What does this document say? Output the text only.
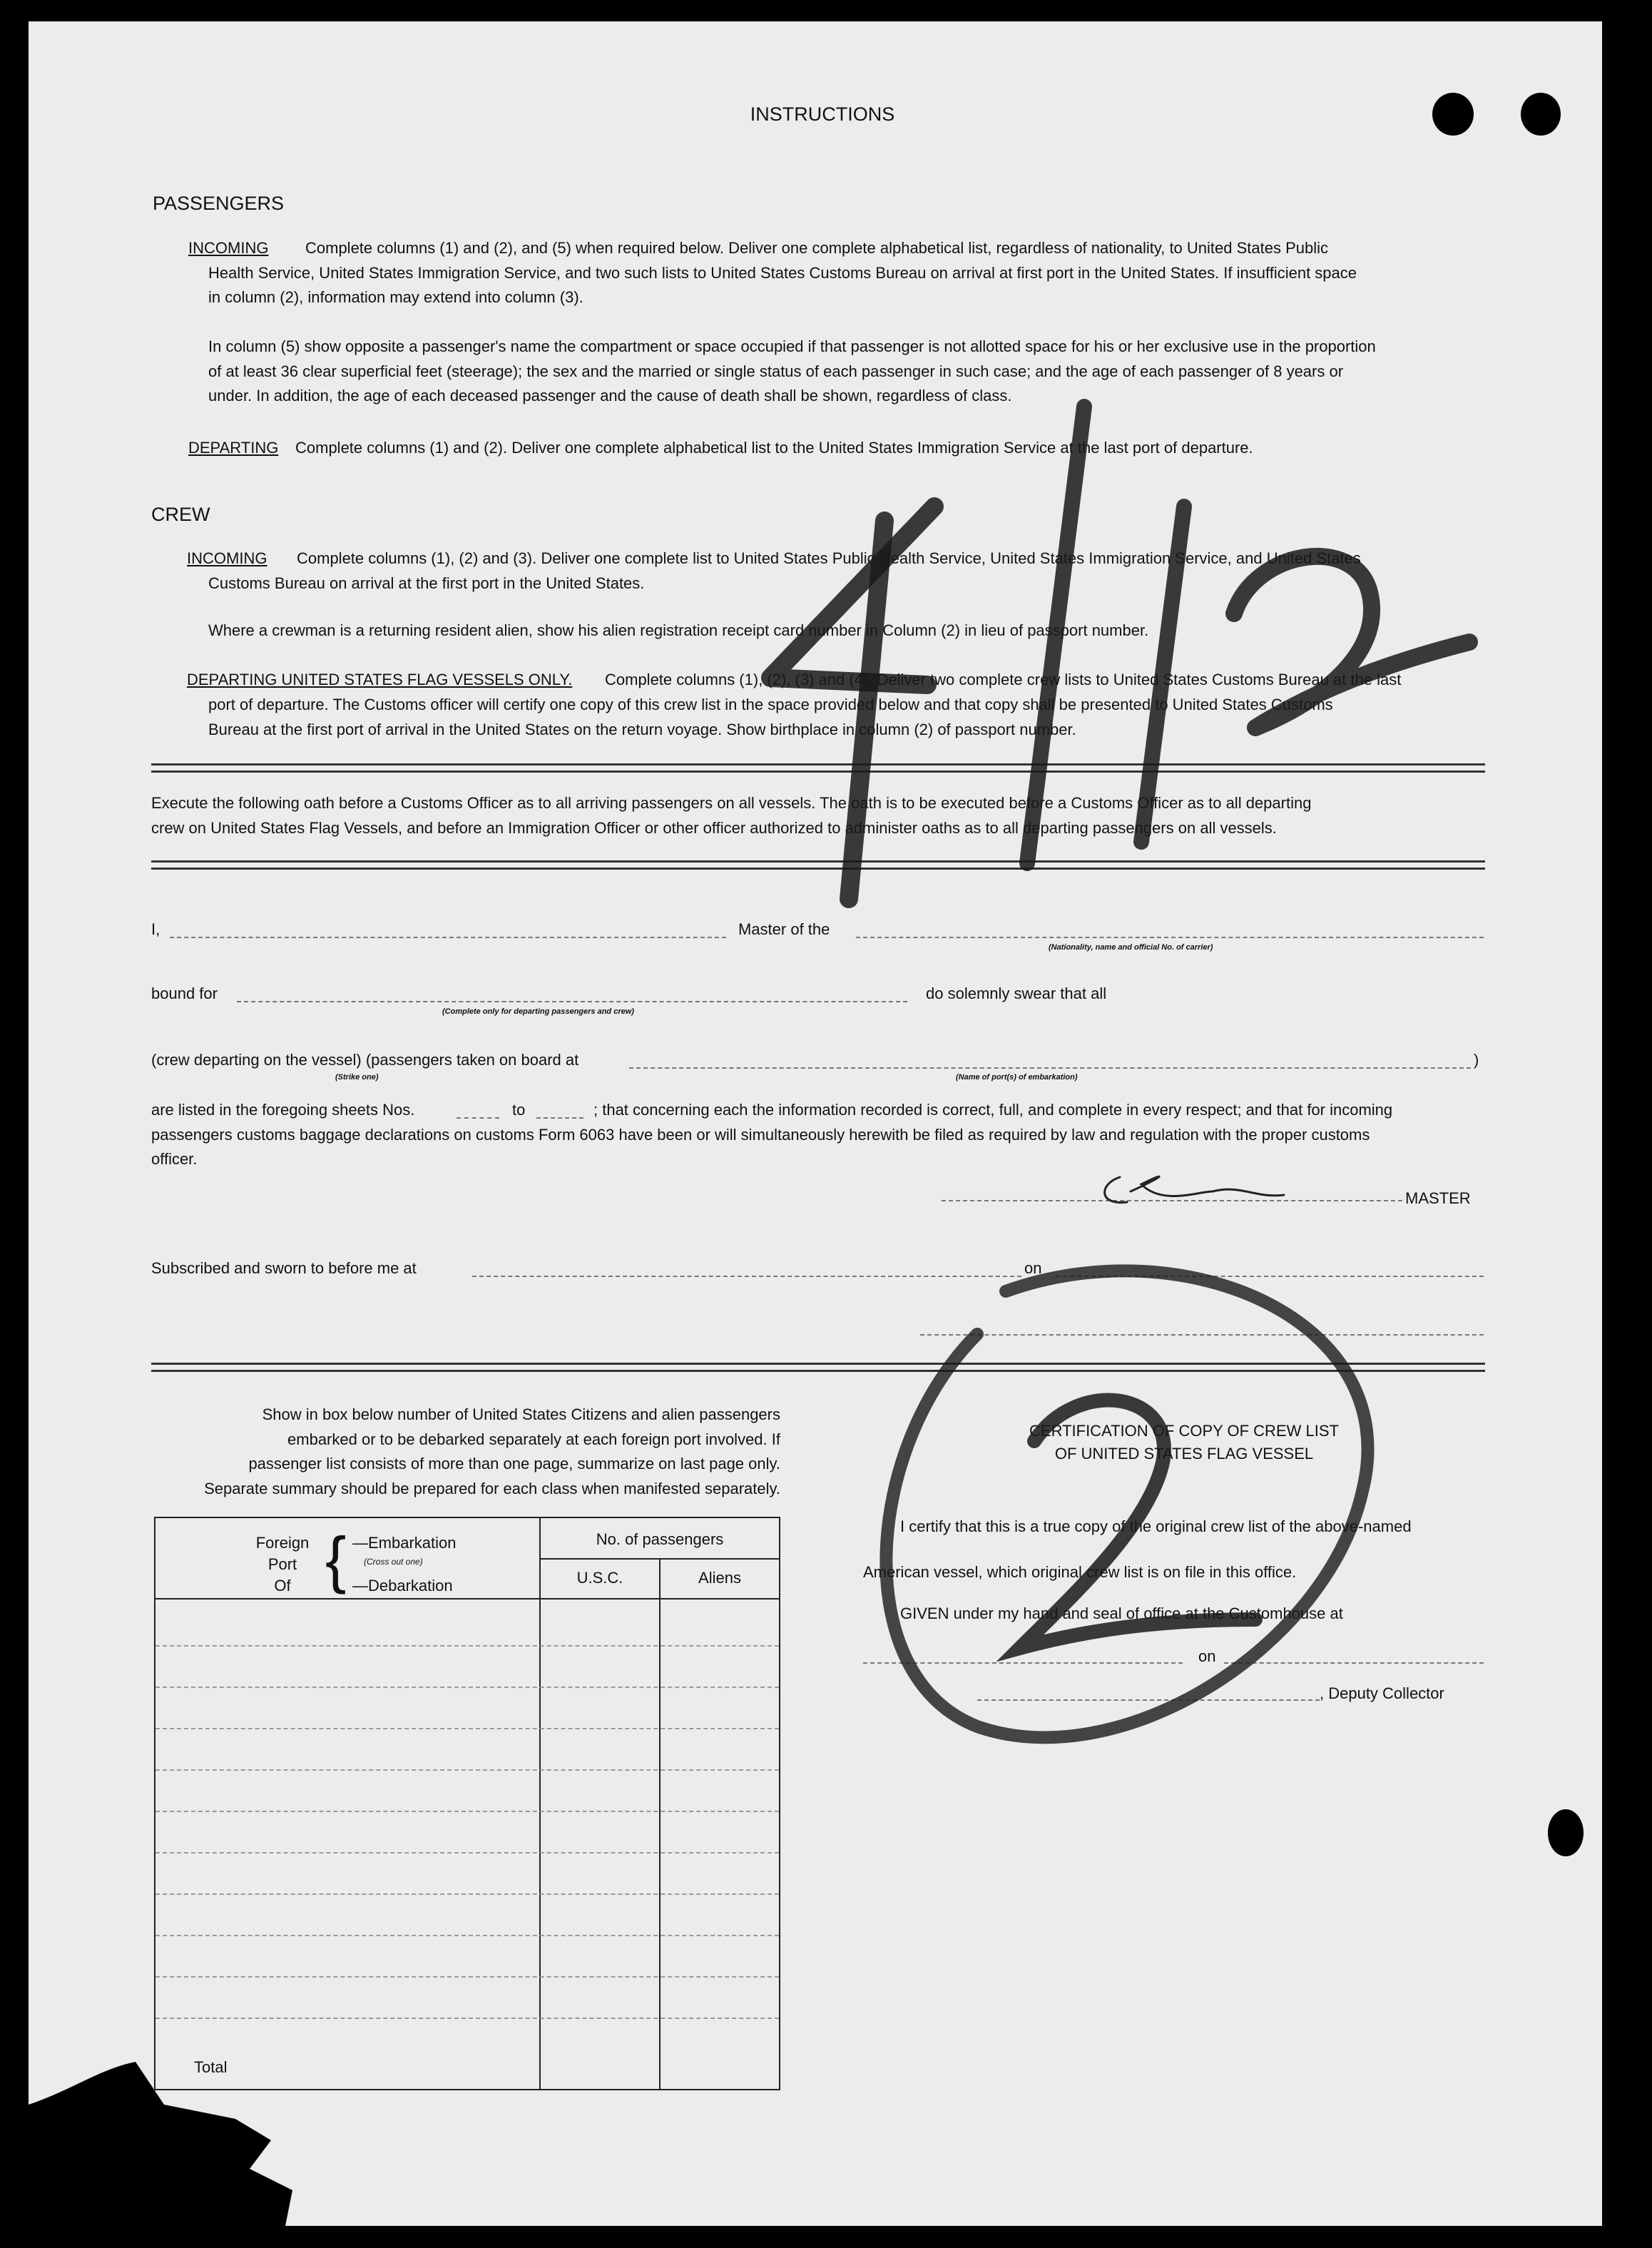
INSTRUCTIONS
PASSENGERS
INCOMING Complete columns (1) and (2), and (5) when required below. Deliver one complete alphabetical list, regardless of nationality, to United States Public
Health Service, United States Immigration Service, and two such lists to United States Customs Bureau on arrival at first port in the United States. If insufficient space
in column (2), information may extend into column (3).
In column (5) show opposite a passenger's name the compartment or space occupied if that passenger is not allotted space for his or her exclusive use in the proportion
of at least 36 clear superficial feet (steerage); the sex and the married or single status of each passenger in such case; and the age of each passenger of 8 years or
under. In addition, the age of each deceased passenger and the cause of death shall be shown, regardless of class.
DEPARTING Complete columns (1) and (2). Deliver one complete alphabetical list to the United States Immigration Service at the last port of departure.
CREW
INCOMING Complete columns (1), (2) and (3). Deliver one complete list to United States Public Health Service, United States Immigration Service, and United States
Customs Bureau on arrival at the first port in the United States.
Where a crewman is a returning resident alien, show his alien registration receipt card number in Column (2) in lieu of passport number.
DEPARTING UNITED STATES FLAG VESSELS ONLY. Complete columns (1), (2), (3) and (4). Deliver two complete crew lists to United States Customs Bureau at the last
port of departure. The Customs officer will certify one copy of this crew list in the space provided below and that copy shall be presented to United States Customs
Bureau at the first port of arrival in the United States on the return voyage. Show birthplace in column (2) of passport number.
Execute the following oath before a Customs Officer as to all arriving passengers on all vessels. The oath is to be executed before a Customs Officer as to all departing
crew on United States Flag Vessels, and before an Immigration Officer or other officer authorized to administer oaths as to all departing passengers on all vessels.
I,	Master of the
(Nationality, name and official No. of carrier)
bound for
(Complete only for departing passengers and crew)
do solemnly swear that all
(crew departing on the vessel) (passengers taken on board at
(Strike one)	(Name of port(s) of embarkation)
)
are listed in the foregoing sheets Nos.	to	; that concerning each the information recorded is correct, full, and complete in every respect; and that for incoming
passengers customs baggage declarations on customs Form 6063 have been or will simultaneously herewith be filed as required by law and regulation with the proper customs
officer.
MASTER
Subscribed and sworn to before me at	on
Show in box below number of United States Citizens and alien passengers
embarked or to be debarked separately at each foreign port involved. If
passenger list consists of more than one page, summarize on last page only.
Separate summary should be prepared for each class when manifested separately.
Foreign
Port
Of { —Embarkation
(Cross out one)
—Debarkation
No. of passengers
U.S.C.	Aliens
Total
CERTIFICATION OF COPY OF CREW LIST
OF UNITED STATES FLAG VESSEL
I certify that this is a true copy of the original crew list of the above-named
American vessel, which original crew list is on file in this office.
GIVEN under my hand and seal of office at the Customhouse at
on
, Deputy Collector
